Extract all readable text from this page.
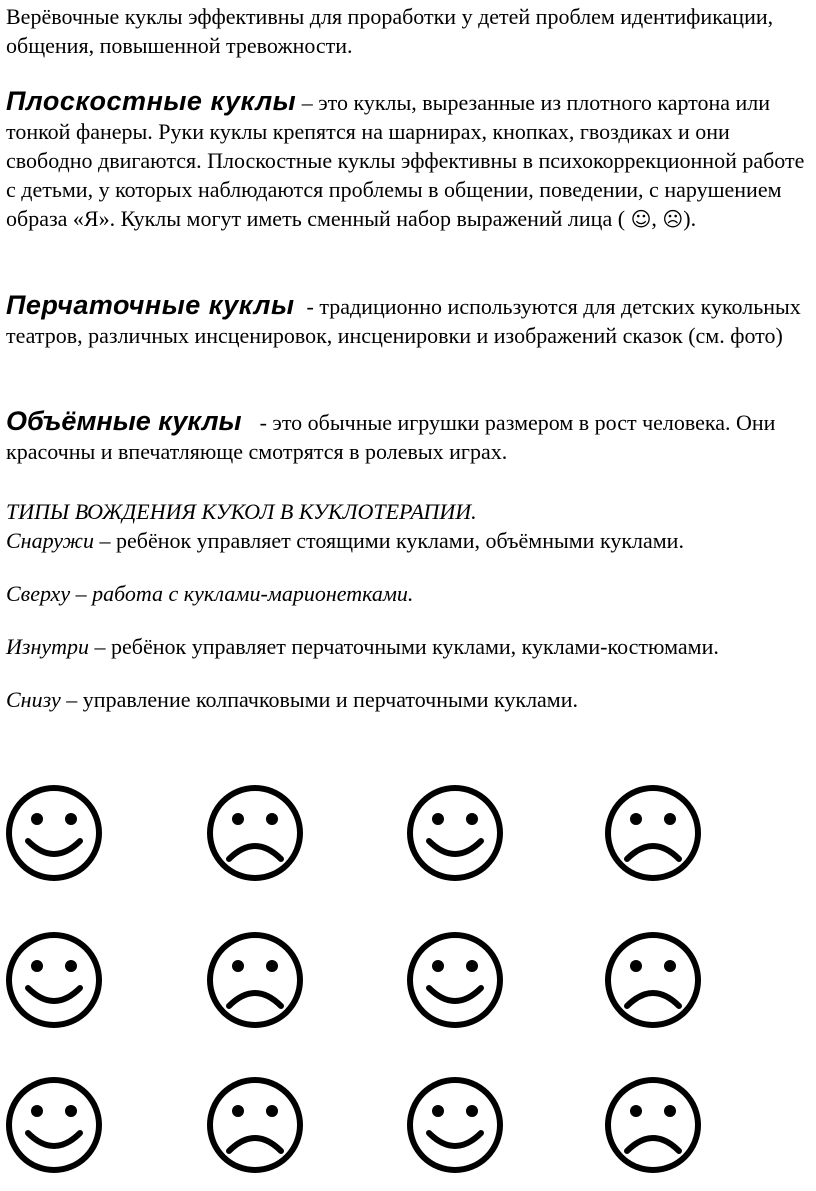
Верёвочные куклы эффективны для проработки у детей проблем идентификации, общения, повышенной тревожности.
Плоскостные куклы – это куклы, вырезанные из плотного картона или тонкой фанеры. Руки куклы крепятся на шарнирах, кнопках, гвоздиках и они свободно двигаются. Плоскостные куклы эффективны в психокоррекционной работе с детьми, у которых наблюдаются проблемы в общении, поведении, с нарушением образа «Я». Куклы могут иметь сменный набор выражений лица ( ☺, ☹).
Перчаточные куклы - традиционно используются для детских кукольных театров, различных инсценировок, инсценировки и изображений сказок (см. фото)
Объёмные куклы - это обычные игрушки размером в рост человека. Они красочны и впечатляюще смотрятся в ролевых играх.
ТИПЫ ВОЖДЕНИЯ КУКОЛ В КУКЛОТЕРАПИИ.
Снаружи – ребёнок управляет стоящими куклами, объёмными куклами.
Сверху – работа с куклами-марионетками.
Изнутри – ребёнок управляет перчаточными куклами, куклами-костюмами.
Снизу – управление колпачковыми и перчаточными куклами.
